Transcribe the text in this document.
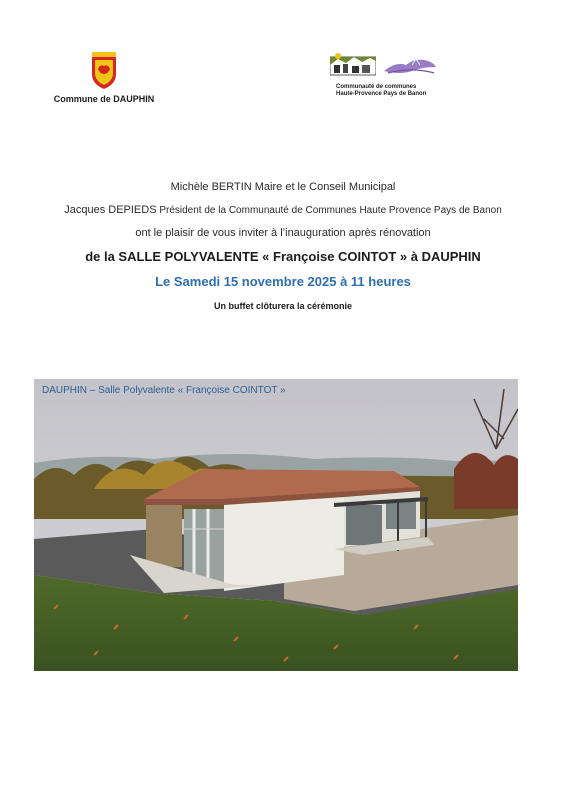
Commune de DAUPHIN
Communauté de communes
Haute-Provence Pays de Banon

Michèle BERTIN Maire et le Conseil Municipal

Jacques DEPIEDS Président de la Communauté de Communes Haute Provence Pays de Banon

ont le plaisir de vous inviter à l’inauguration après rénovation

de la SALLE POLYVALENTE « Françoise COINTOT » à DAUPHIN

Le Samedi 15 novembre 2025 à 11 heures

Un buffet clôturera la cérémonie

DAUPHIN – Salle Polyvalente « Françoise COINTOT »
